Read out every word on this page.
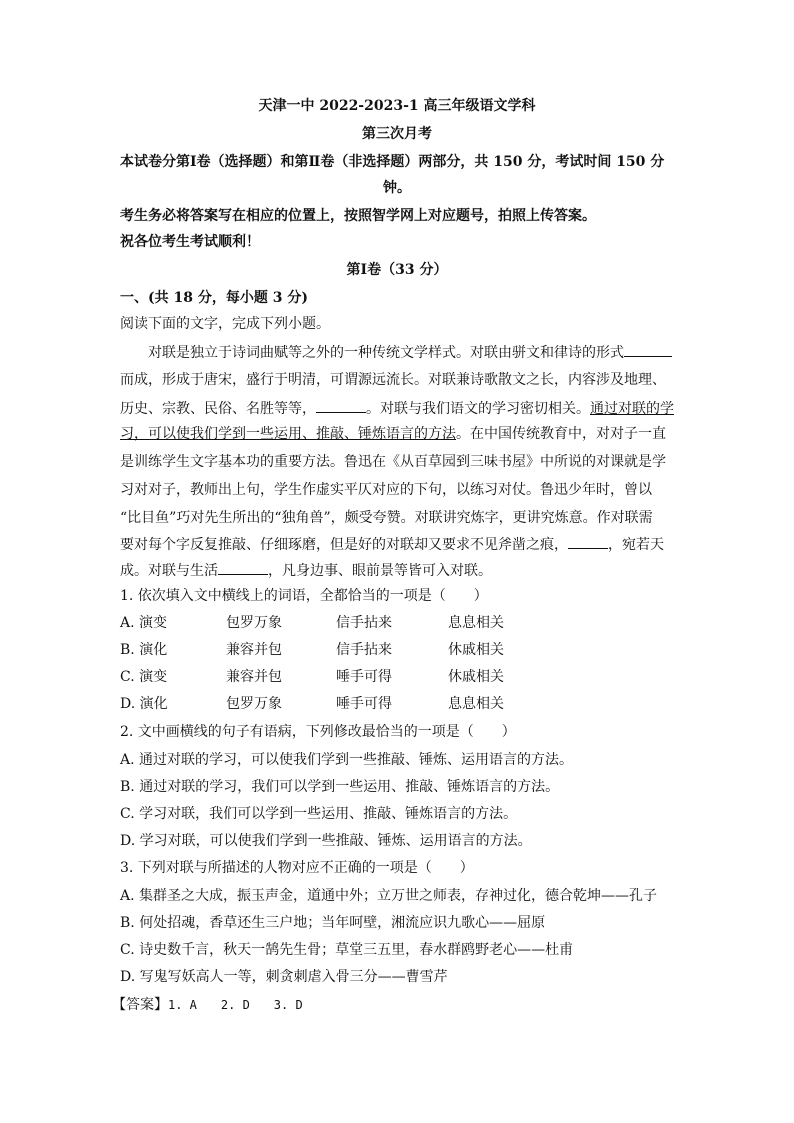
天津一中 2022-2023-1 高三年级语文学科
第三次月考
本试卷分第Ⅰ卷（选择题）和第Ⅱ卷（非选择题）两部分，共 150 分，考试时间 150 分
钟。
考生务必将答案写在相应的位置上，按照智学网上对应题号，拍照上传答案。
祝各位考生考试顺利！
第Ⅰ卷（33 分）
一、(共 18 分，每小题 3 分)
阅读下面的文字，完成下列小题。
对联是独立于诗词曲赋等之外的一种传统文学样式。对联由骈文和律诗的形式
而成，形成于唐宋，盛行于明清，可谓源远流长。对联兼诗歌散文之长，内容涉及地理、
历史、宗教、民俗、名胜等等，	。对联与我们语文的学习密切相关。通过对联的学
习，可以使我们学到一些运用、推敲、锤炼语言的方法。在中国传统教育中，对对子一直
是训练学生文字基本功的重要方法。鲁迅在《从百草园到三味书屋》中所说的对课就是学
习对对子，教师出上句，学生作虚实平仄对应的下句，以练习对仗。鲁迅少年时，曾以
“比目鱼”巧对先生所出的“独角兽”，颇受夸赞。对联讲究炼字，更讲究炼意。作对联需
要对每个字反复推敲、仔细琢磨，但是好的对联却又要求不见斧凿之痕，	，宛若天
成。对联与生活	，凡身边事、眼前景等皆可入对联。
1. 依次填入文中横线上的词语，全都恰当的一项是（　　）
A. 演变	包罗万象	信手拈来	息息相关
B. 演化	兼容并包	信手拈来	休戚相关
C. 演变	兼容并包	唾手可得	休戚相关
D. 演化	包罗万象	唾手可得	息息相关
2. 文中画横线的句子有语病，下列修改最恰当的一项是（　　）
A. 通过对联的学习，可以使我们学到一些推敲、锤炼、运用语言的方法。
B. 通过对联的学习，我们可以学到一些运用、推敲、锤炼语言的方法。
C. 学习对联，我们可以学到一些运用、推敲、锤炼语言的方法。
D. 学习对联，可以使我们学到一些推敲、锤炼、运用语言的方法。
3. 下列对联与所描述的人物对应不正确的一项是（　　）
A. 集群圣之大成，振玉声金，道通中外；立万世之师表，存神过化，德合乾坤——孔子
B. 何处招魂，香草还生三户地；当年呵壁，湘流应识九歌心——屈原
C. 诗史数千言，秋天一鹄先生骨；草堂三五里，春水群鸥野老心——杜甫
D. 写鬼写妖高人一等，刺贪刺虐入骨三分——曹雪芹
【答案】1. A　　2. D　　3. D
